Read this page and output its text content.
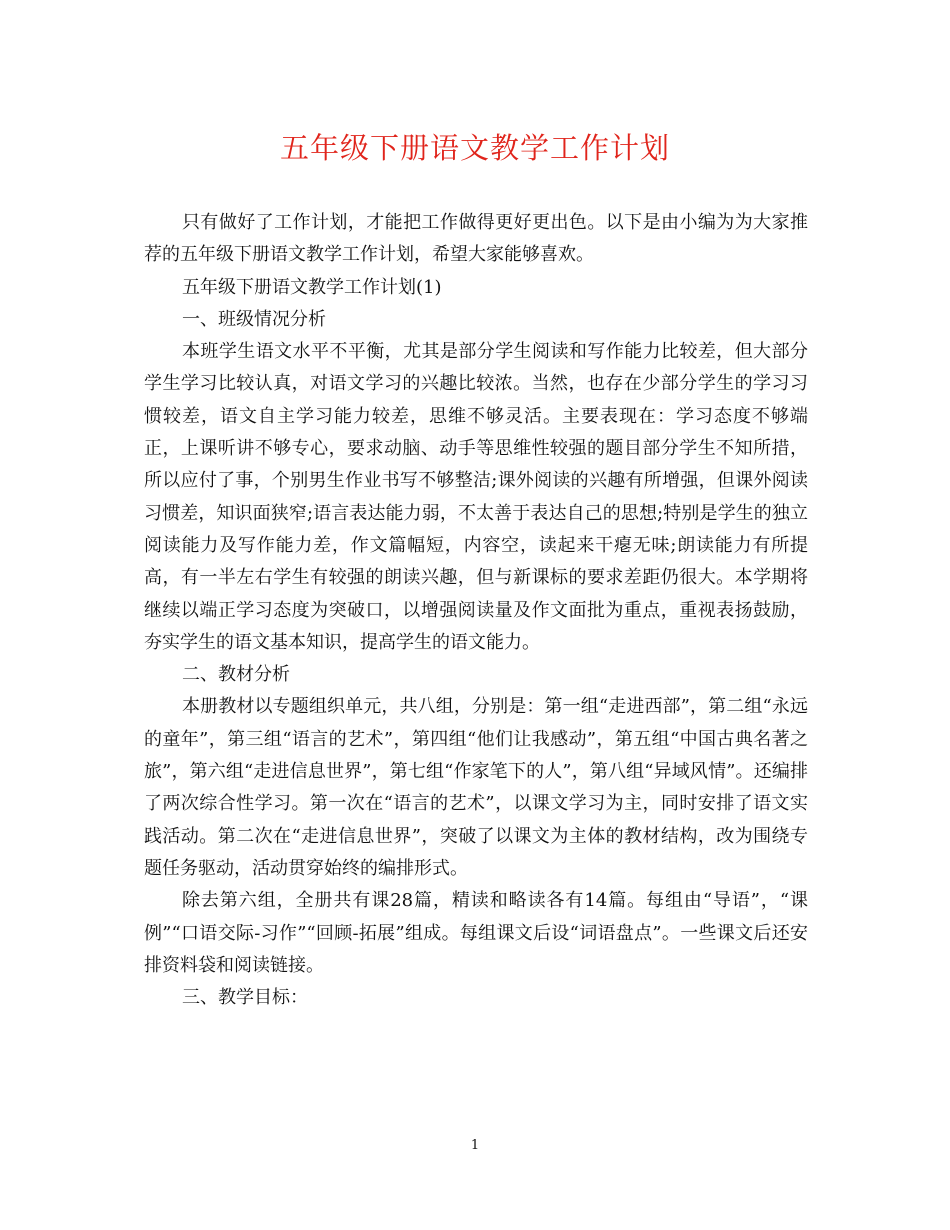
五年级下册语文教学工作计划

只有做好了工作计划，才能把工作做得更好更出色。以下是由小编为为大家推荐的五年级下册语文教学工作计划，希望大家能够喜欢。

五年级下册语文教学工作计划(1)

一、班级情况分析

本班学生语文水平不平衡，尤其是部分学生阅读和写作能力比较差，但大部分学生学习比较认真，对语文学习的兴趣比较浓。当然，也存在少部分学生的学习习惯较差，语文自主学习能力较差，思维不够灵活。主要表现在：学习态度不够端正，上课听讲不够专心，要求动脑、动手等思维性较强的题目部分学生不知所措，所以应付了事，个别男生作业书写不够整洁;课外阅读的兴趣有所增强，但课外阅读习惯差，知识面狭窄;语言表达能力弱，不太善于表达自己的思想;特别是学生的独立阅读能力及写作能力差，作文篇幅短，内容空，读起来干瘪无味;朗读能力有所提高，有一半左右学生有较强的朗读兴趣，但与新课标的要求差距仍很大。本学期将继续以端正学习态度为突破口，以增强阅读量及作文面批为重点，重视表扬鼓励，夯实学生的语文基本知识，提高学生的语文能力。

二、教材分析

本册教材以专题组织单元，共八组，分别是：第一组“走进西部”，第二组“永远的童年”，第三组“语言的艺术”，第四组“他们让我感动”，第五组“中国古典名著之旅”，第六组“走进信息世界”，第七组“作家笔下的人”，第八组“异域风情”。还编排了两次综合性学习。第一次在“语言的艺术”，以课文学习为主，同时安排了语文实践活动。第二次在“走进信息世界”，突破了以课文为主体的教材结构，改为围绕专题任务驱动，活动贯穿始终的编排形式。

除去第六组，全册共有课28篇，精读和略读各有14篇。每组由“导语”，“课例”“口语交际-习作”“回顾-拓展”组成。每组课文后设“词语盘点”。一些课文后还安排资料袋和阅读链接。

三、教学目标：

1
